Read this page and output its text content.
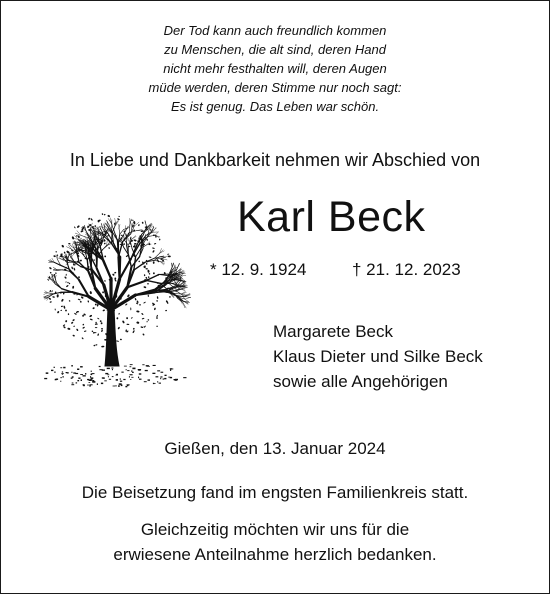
Der Tod kann auch freundlich kommen
zu Menschen, die alt sind, deren Hand
nicht mehr festhalten will, deren Augen
müde werden, deren Stimme nur noch sagt:
Es ist genug. Das Leben war schön.
In Liebe und Dankbarkeit nehmen wir Abschied von
Karl Beck
* 12. 9. 1924	† 21. 12. 2023
Margarete Beck
Klaus Dieter und Silke Beck
sowie alle Angehörigen
Gießen, den 13. Januar 2024
Die Beisetzung fand im engsten Familienkreis statt.
Gleichzeitig möchten wir uns für die
erwiesene Anteilnahme herzlich bedanken.
